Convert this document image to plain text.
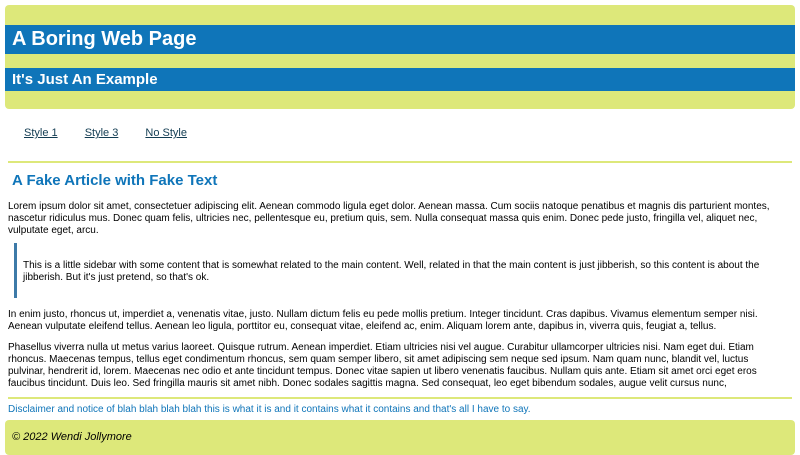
A Boring Web Page
It's Just An Example
Style 1 Style 3 No Style
A Fake Article with Fake Text

Lorem ipsum dolor sit amet, consectetuer adipiscing elit. Aenean commodo ligula eget dolor. Aenean massa. Cum sociis natoque penatibus et magnis dis parturient montes, nascetur ridiculus mus. Donec quam felis, ultricies nec, pellentesque eu, pretium quis, sem. Nulla consequat massa quis enim. Donec pede justo, fringilla vel, aliquet nec, vulputate eget, arcu.

This is a little sidebar with some content that is somewhat related to the main content. Well, related in that the main content is just jibberish, so this content is about the jibberish. But it's just pretend, so that's ok.

In enim justo, rhoncus ut, imperdiet a, venenatis vitae, justo. Nullam dictum felis eu pede mollis pretium. Integer tincidunt. Cras dapibus. Vivamus elementum semper nisi. Aenean vulputate eleifend tellus. Aenean leo ligula, porttitor eu, consequat vitae, eleifend ac, enim. Aliquam lorem ante, dapibus in, viverra quis, feugiat a, tellus.

Phasellus viverra nulla ut metus varius laoreet. Quisque rutrum. Aenean imperdiet. Etiam ultricies nisi vel augue. Curabitur ullamcorper ultricies nisi. Nam eget dui. Etiam rhoncus. Maecenas tempus, tellus eget condimentum rhoncus, sem quam semper libero, sit amet adipiscing sem neque sed ipsum. Nam quam nunc, blandit vel, luctus pulvinar, hendrerit id, lorem. Maecenas nec odio et ante tincidunt tempus. Donec vitae sapien ut libero venenatis faucibus. Nullam quis ante. Etiam sit amet orci eget eros faucibus tincidunt. Duis leo. Sed fringilla mauris sit amet nibh. Donec sodales sagittis magna. Sed consequat, leo eget bibendum sodales, augue velit cursus nunc,

Disclaimer and notice of blah blah blah blah this is what it is and it contains what it contains and that's all I have to say.

© 2022 Wendi Jollymore
